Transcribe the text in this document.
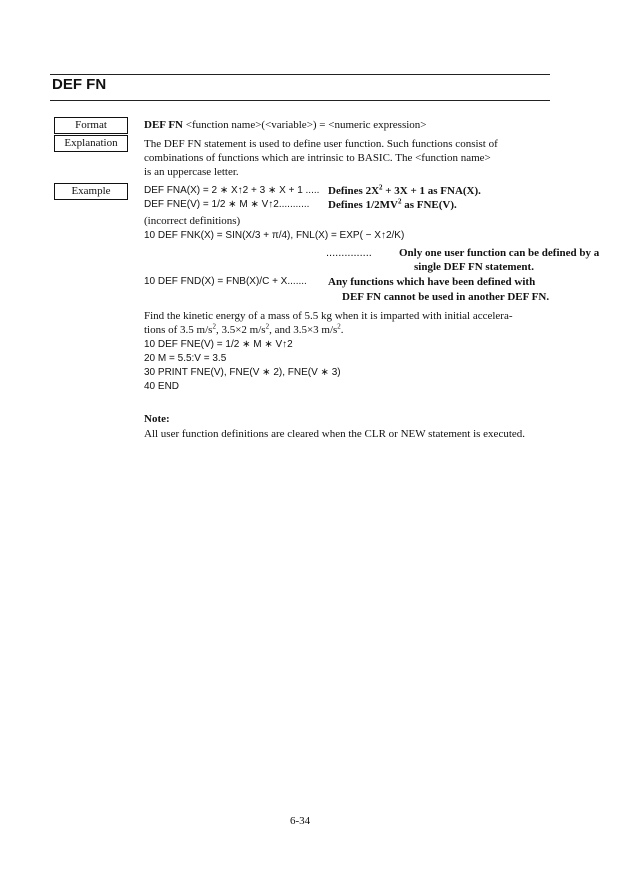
DEF FN
Format
Explanation
Example
DEF FN <function name>(<variable>) = <numeric expression>
The DEF FN statement is used to define user function. Such functions consist of
combinations of functions which are intrinsic to BASIC. The <function name>
is an uppercase letter.
DEF FNA(X) = 2 ∗ X↑2 + 3 ∗ X + 1 ..... Defines $2X^2 + 3X + 1$ as FNA(X).
DEF FNE(V) = 1/2 ∗ M ∗ V↑2........... Defines $1/2MV^2$ as FNE(V).
(incorrect definitions)
10 DEF FNK(X) = SIN(X/3 + π/4), FNL(X) = EXP( − X↑2/K)
............... Only one user function can be defined by a
single DEF FN statement.
10 DEF FND(X) = FNB(X)/C + X....... Any functions which have been defined with
DEF FN cannot be used in another DEF FN.
Find the kinetic energy of a mass of 5.5 kg when it is imparted with initial accelera-
tions of 3.5 $m/s^2$, 3.5×2 $m/s^2$, and 3.5×3 $m/s^2$.
10 DEF FNE(V) = 1/2 ∗ M ∗ V↑2
20 M = 5.5:V = 3.5
30 PRINT FNE(V), FNE(V ∗ 2), FNE(V ∗ 3)
40 END
Note:
All user function definitions are cleared when the CLR or NEW statement is executed.
6-34
